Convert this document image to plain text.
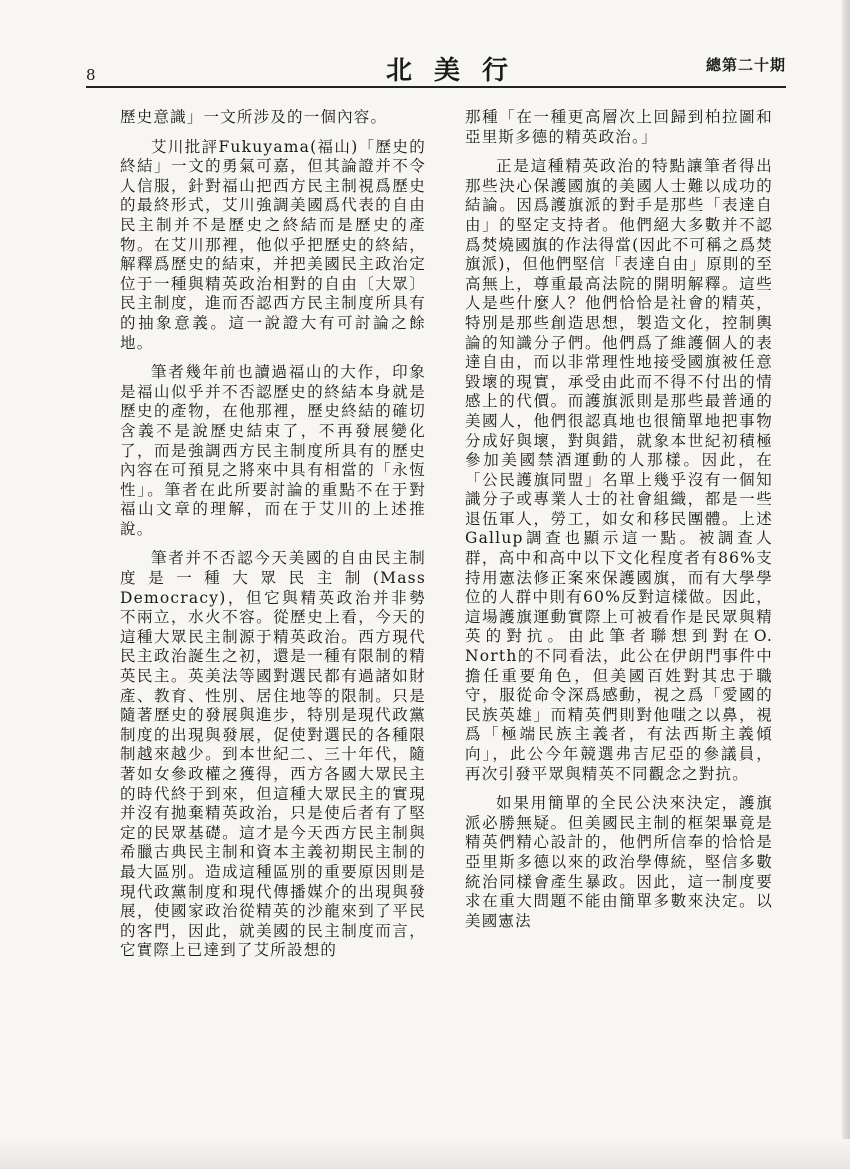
8	北美行	總第二十期

歷史意識」一文所涉及的一個內容。

艾川批評Fukuyama(福山)「歷史的終結」一文的勇氣可嘉，但其論證并不令人信服，針對福山把西方民主制視爲歷史的最終形式，艾川強調美國爲代表的自由民主制并不是歷史之終結而是歷史的產物。在艾川那裡，他似乎把歷史的終結，解釋爲歷史的結束，并把美國民主政治定位于一種與精英政治相對的自由〔大眾〕民主制度，進而否認西方民主制度所具有的抽象意義。這一說證大有可討論之餘地。

筆者幾年前也讀過福山的大作，印象是福山似乎并不否認歷史的終結本身就是歷史的產物，在他那裡，歷史終結的確切含義不是說歷史結束了，不再發展變化了，而是強調西方民主制度所具有的歷史內容在可預見之將來中具有相當的「永恆性」。筆者在此所要討論的重點不在于對福山文章的理解，而在于艾川的上述推說。

筆者并不否認今天美國的自由民主制度是一種大眾民主制(Mass Democracy)，但它與精英政治并非勢不兩立，水火不容。從歷史上看，今天的這種大眾民主制源于精英政治。西方現代民主政治誕生之初，還是一種有限制的精英民主。英美法等國對選民都有過諸如財產、教育、性別、居住地等的限制。只是隨著歷史的發展與進步，特別是現代政黨制度的出現與發展，促使對選民的各種限制越來越少。到本世紀二、三十年代，隨著如女參政權之獲得，西方各國大眾民主的時代終于到來，但這種大眾民主的實現并沒有拋棄精英政治，只是使后者有了堅定的民眾基礎。這才是今天西方民主制與希臘古典民主制和資本主義初期民主制的最大區別。造成這種區別的重要原因則是現代政黨制度和現代傳播媒介的出現與發展，使國家政治從精英的沙龍來到了平民的客門，因此，就美國的民主制度而言，它實際上已達到了艾所設想的

那種「在一種更高層次上回歸到柏拉圖和亞里斯多德的精英政治。」

正是這種精英政治的特點讓筆者得出那些決心保護國旗的美國人士難以成功的結論。因爲護旗派的對手是那些「表達自由」的堅定支持者。他們絕大多數并不認爲焚燒國旗的作法得當(因此不可稱之爲焚旗派)，但他們堅信「表達自由」原則的至高無上，尊重最高法院的開明解釋。這些人是些什麼人？他們恰恰是社會的精英，特別是那些創造思想，製造文化，控制輿論的知識分子們。他們爲了維護個人的表達自由，而以非常理性地接受國旗被任意毀壞的現實，承受由此而不得不付出的情感上的代價。而護旗派則是那些最普通的美國人，他們很認真地也很簡單地把事物分成好與壞，對與錯，就象本世紀初積極參加美國禁酒運動的人那樣。因此，在「公民護旗同盟」名單上幾乎沒有一個知識分子或專業人士的社會組織，都是一些退伍軍人，勞工，如女和移民團體。上述Gallup調查也顯示這一點。被調查人群，高中和高中以下文化程度者有86%支持用憲法修正案來保護國旗，而有大學學位的人群中則有60%反對這樣做。因此，這場護旗運動實際上可被看作是民眾與精英的對抗。由此筆者聯想到對在O. North的不同看法，此公在伊朗門事件中擔任重要角色，但美國百姓對其忠于職守，服從命令深爲感動，視之爲「愛國的民族英雄」而精英們則對他嗤之以鼻，視爲「極端民族主義者，有法西斯主義傾向」，此公今年競選弗吉尼亞的參議員，再次引發平眾與精英不同觀念之對抗。

如果用簡單的全民公決來決定，護旗派必勝無疑。但美國民主制的框架畢竟是精英們精心設計的，他們所信奉的恰恰是亞里斯多德以來的政治學傳統，堅信多數統治同樣會產生暴政。因此，這一制度要求在重大問題不能由簡單多數來決定。以美國憲法
